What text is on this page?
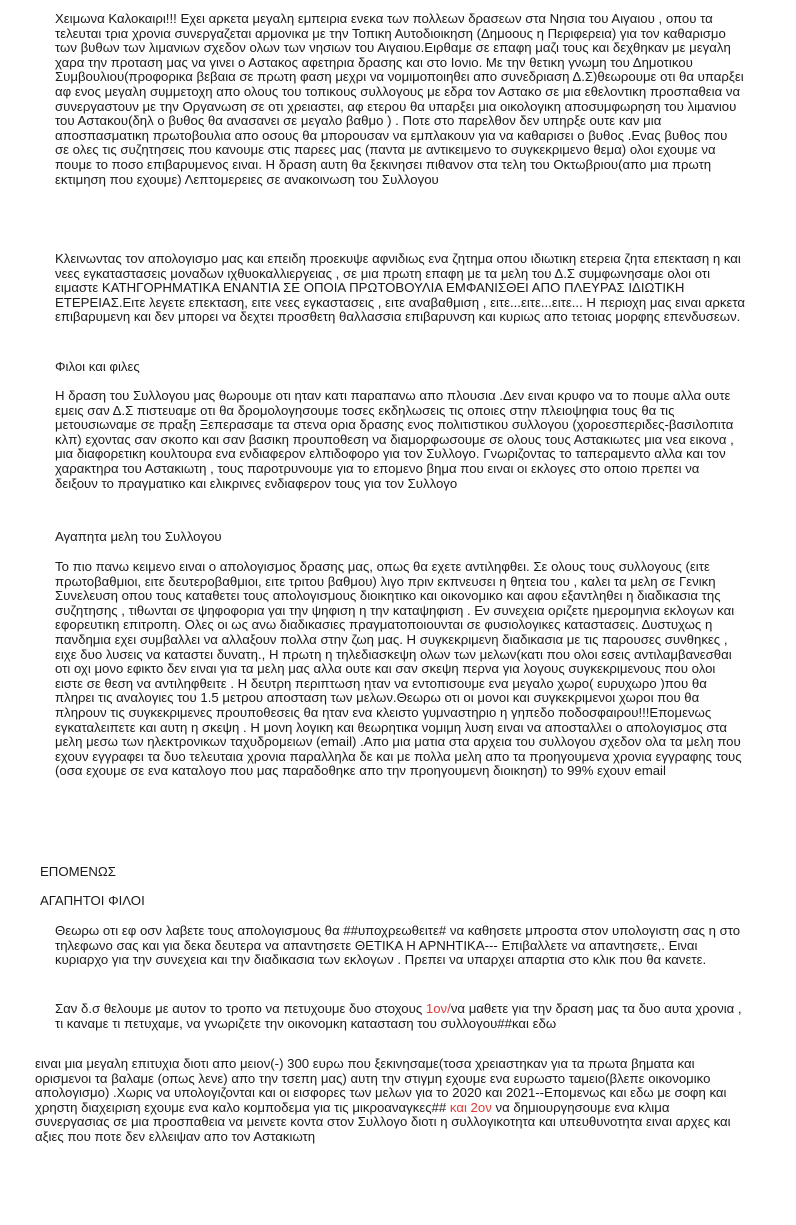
Χειμωνα Καλοκαιρι!!! Εχει αρκετα μεγαλη εμπειρια ενεκα των πολλεων δρασεων στα Νησια του Αιγαιου , οπου τα τελευται τρια χρονια συνεργαζεται αρμονικα με την Τοπικη Αυτοδιοικηση (Δημοους η Περιφερεια) για τον καθαρισμο των βυθων των λιμανιων σχεδον ολων των νησιων του Αιγαιου.Ειρθαμε σε επαφη μαζι τους και δεχθηκαν με μεγαλη χαρα την προταση μας να γινει ο Αστακος αφετηρια δρασης και στο Ιονιο. Με την θετικη γνωμη του Δημοτικου Συμβουλιου(προφορικα βεβαια σε πρωτη φαση μεχρι να νομιμοποιηθει απο συνεδριαση Δ.Σ)θεωρουμε οτι θα υπαρξει αφ ενος μεγαλη συμμετοχη απο ολους του τοπικους συλλογους με εδρα τον Αστακο σε μια εθελοντικη προσπαθεια να συνεργαστουν με την Οργανωση σε οτι χρειαστει, αφ ετερου θα υπαρξει μια οικολογικη αποσυμφωρηση του λιμανιου του Αστακου(δηλ ο βυθος θα ανασανει σε μεγαλο βαθμο ) . Ποτε στο παρελθον δεν υπηρξε ουτε καν μια αποσπασματικη πρωτοβουλια απο οσους θα μπορουσαν να εμπλακουν για να καθαρισει ο βυθος .Ενας βυθος που σε ολες τις συζητησεις που κανουμε στις παρεες μας (παντα με αντικειμενο το συγκεκριμενο θεμα) ολοι εχουμε να πουμε το ποσο επιβαρυμενος ειναι. Η δραση αυτη θα ξεκινησει πιθανον στα τελη του Οκτωβριου(απο μια πρωτη εκτιμηση που εχουμε) Λεπτομερειες σε ανακοινωση του Συλλογου

Κλεινωντας τον απολογισμο μας και επειδη προεκυψε αφνιδιως ενα ζητημα οπου ιδιωτικη ετερεια ζητα επεκταση η και νεες εγκαταστασεις μοναδων ιχθυοκαλλιεργειας , σε μια πρωτη επαφη με τα μελη του Δ.Σ συμφωνησαμε ολοι οτι ειμαστε ΚΑΤΗΓΟΡΗΜΑΤΙΚΑ ΕΝΑΝΤΙΑ ΣΕ ΟΠΟΙΑ ΠΡΩΤΟΒΟΥΛΙΑ ΕΜΦΑΝΙΣΘΕΙ ΑΠΟ ΠΛΕΥΡΑΣ ΙΔΙΩΤΙΚΗ ΕΤΕΡΕΙΑΣ.Ειτε λεγετε επεκταση, ειτε νεες εγκαστασεις , ειτε αναβαθμιση , ειτε...ειτε...ειτε... Η περιοχη μας ειναι αρκετα επιβαρυμενη και δεν μπορει να δεχτει προσθετη θαλλασσια επιβαρυνση και κυριως απο τετοιας μορφης επενδυσεων.

Φιλοι και φιλες

Η δραση του Συλλογου μας θωρουμε οτι ηταν κατι παραπανω απο πλουσια .Δεν ειναι κρυφο να το πουμε αλλα ουτε εμεις σαν Δ.Σ πιστευαμε οτι θα δρομολογησουμε τοσες εκδηλωσεις τις οποιες στην πλειοψηφια τους θα τις μετουσιωναμε σε πραξη Ξεπερασαμε τα στενα ορια δρασης ενος πολιτιστικου συλλογου (χοροεσπεριδες-βασιλοπιτα κλπ) εχοντας σαν σκοπο και σαν βασικη προυποθεση να διαμορφωσουμε σε ολους τους Αστακιωτες μια νεα εικονα , μια διαφορετικη κουλτουρα ενα ενδιαφερον ελπιδοφορο για τον Συλλογο. Γνωριζοντας το ταπεραμεντο αλλα και τον χαρακτηρα του Αστακιωτη , τους παροτρυνουμε για το επομενο βημα που ειναι οι εκλογες στο οποιο πρεπει να δειξουν το πραγματικο και ελικρινες ενδιαφερον τους για τον Συλλογο

Αγαπητα μελη του Συλλογου

Το πιο πανω κειμενο ειναι ο απολογισμος δρασης μας, οπως θα εχετε αντιληφθει. Σε ολους τους συλλογους (ειτε πρωτοβαθμιοι, ειτε δευτεροβαθμιοι, ειτε τριτου βαθμου) λιγο πριν εκπνευσει η θητεια του , καλει τα μελη σε Γενικη Συνελευση οπου τους καταθετει τους απολογισμους διοικητικο και οικονομικο και αφου εξαντληθει η διαδικασια της συζητησης , τιθωνται σε ψηφοφορια γαι την ψηφιση η την καταψηφιση . Εν συνεχεια οριζετε ημερομηνια εκλογων και εφορευτικη επιτροπη. Ολες οι ως ανω διαδικασιες πραγματοποιουνται σε φυσιολογικες καταστασεις. Δυστυχως η πανδημια εχει συμβαλλει να αλλαξουν πολλα στην ζωη μας. Η συγκεκριμενη διαδικασια με τις παρουσες συνθηκες , ειχε δυο λυσεις να καταστει δυνατη., Η πρωτη η τηλεδιασκεψη ολων των μελων(κατι που ολοι εσεις αντιλαμβανεσθαι οτι οχι μονο εφικτο δεν ειναι για τα μελη μας αλλα ουτε και σαν σκεψη περνα για λογους συγκεκριμενους που ολοι ειστε σε θεση να αντιληφθειτε . Η δευτρη περιπτωση ηταν να εντοπισουμε ενα μεγαλο χωρο( ευρυχωρο )που θα πληρει τις αναλογιες του 1.5 μετρου αποσταση των μελων.Θεωρω οτι οι μονοι και συγκεκριμενοι χωροι που θα πληρουν τις συγκεκριμενες προυποθεσεις θα ηταν ενα κλειστο γυμναστηριο η γηπεδο ποδοσφαιρου!!!Επομενως εγκαταλειπετε και αυτη η σκεψη . Η μονη λογικη και θεωρητικα νομιμη λυση ειναι να αποσταλλει ο απολογισμος στα μελη μεσω των ηλεκτρονικων ταχυδρομειων (email) .Απο μια ματια στα αρχεια του συλλογου σχεδον ολα τα μελη που εχουν εγγραφει τα δυο τελευταια χρονια παραλληλα δε και με πολλα μελη απο τα προηγουμενα χρονια εγγραφης τους (οσα εχουμε σε ενα καταλογο που μας παραδοθηκε απο την προηγουμενη διοικηση) το 99% εχουν email

ΕΠΟΜΕΝΩΣ

ΑΓΑΠΗΤΟΙ ΦΙΛΟΙ

Θεωρω οτι εφ οσν λαβετε τους απολογισμους θα ##υποχρεωθειτε# να καθησετε μπροστα στον υπολογιστη σας η στο τηλεφωνο σας και για δεκα δευτερα να απαντησετε ΘΕΤΙΚΑ Η ΑΡΝΗΤΙΚΑ--- Επιβαλλετε να απαντησετε,. Ειναι κυριαρχο για την συνεχεια και την διαδικασια των εκλογων . Πρεπει να υπαρχει απαρτια στο κλικ που θα κανετε.

Σαν δ.σ θελουμε με αυτον το τροπο να πετυχουμε δυο στοχους 1ον/να μαθετε για την δραση μας τα δυο αυτα χρονια , τι καναμε τι πετυχαμε, να γνωριζετε την οικονομκη κατασταση του συλλογου##και εδω

ειναι μια μεγαλη επιτυχια διοτι απο μειον(-) 300 ευρω που ξεκινησαμε(τοσα χρειαστηκαν για τα πρωτα βηματα και ορισμενοι τα βαλαμε (οπως λενε) απο την τσεπη μας) αυτη την στιγμη εχουμε ενα ευρωστο ταμειο(βλεπε οικονομικο απολογισμο) .Χωρις να υπολογιζονται και οι εισφορες των μελων για το 2020 και 2021--Επομενως και εδω με σοφη και χρηστη διαχειριση εχουμε ενα καλο κομποδεμα για τις μικροαναγκες## και 2ον να δημιουργησουμε ενα κλιμα συνεργασιας σε μια προσπαθεια να μεινετε κοντα στον Συλλογο διοτι η συλλογικοτητα και υπευθυνοτητα ειναι αρχες και αξιες που ποτε δεν ελλειψαν απο τον Αστακιωτη
